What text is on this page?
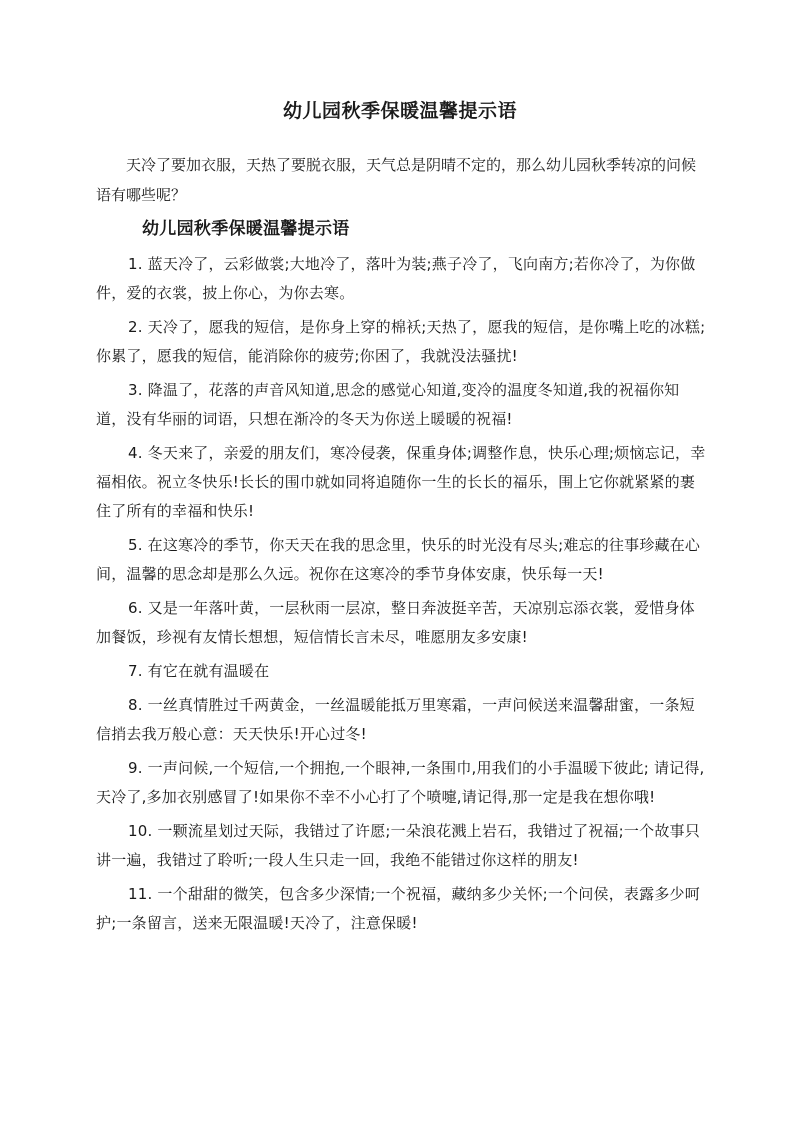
幼儿园秋季保暖温馨提示语
天冷了要加衣服，天热了要脱衣服，天气总是阴晴不定的，那么幼儿园秋季转凉的问候语有哪些呢？
幼儿园秋季保暖温馨提示语

1. 蓝天冷了，云彩做裳;大地冷了，落叶为装;燕子冷了，飞向南方;若你冷了，为你做件，爱的衣裳，披上你心，为你去寒。

2. 天冷了，愿我的短信，是你身上穿的棉袄;天热了，愿我的短信，是你嘴上吃的冰糕;你累了，愿我的短信，能消除你的疲劳;你困了，我就没法骚扰!

3. 降温了，花落的声音风知道,思念的感觉心知道,变冷的温度冬知道,我的祝福你知道，没有华丽的词语，只想在渐冷的冬天为你送上暖暖的祝福!

4. 冬天来了，亲爱的朋友们，寒冷侵袭，保重身体;调整作息，快乐心理;烦恼忘记，幸福相依。祝立冬快乐!长长的围巾就如同将追随你一生的长长的福乐，围上它你就紧紧的裹住了所有的幸福和快乐!

5. 在这寒冷的季节，你天天在我的思念里，快乐的时光没有尽头;难忘的往事珍藏在心间，温馨的思念却是那么久远。祝你在这寒冷的季节身体安康，快乐每一天!

6. 又是一年落叶黄，一层秋雨一层凉，整日奔波挺辛苦，天凉别忘添衣裳，爱惜身体加餐饭，珍视有友情长想想，短信情长言未尽，唯愿朋友多安康!

7. 有它在就有温暖在

8. 一丝真情胜过千两黄金，一丝温暖能抵万里寒霜，一声问候送来温馨甜蜜，一条短信捎去我万般心意：天天快乐!开心过冬!

9. 一声问候,一个短信,一个拥抱,一个眼神,一条围巾,用我们的小手温暖下彼此; 请记得,天冷了,多加衣别感冒了!如果你不幸不小心打了个喷嚏,请记得,那一定是我在想你哦!

10. 一颗流星划过天际，我错过了许愿;一朵浪花溅上岩石，我错过了祝福;一个故事只讲一遍，我错过了聆听;一段人生只走一回，我绝不能错过你这样的朋友!

11. 一个甜甜的微笑，包含多少深情;一个祝福，藏纳多少关怀;一个问侯，表露多少呵护;一条留言，送来无限温暖!天冷了，注意保暖!
